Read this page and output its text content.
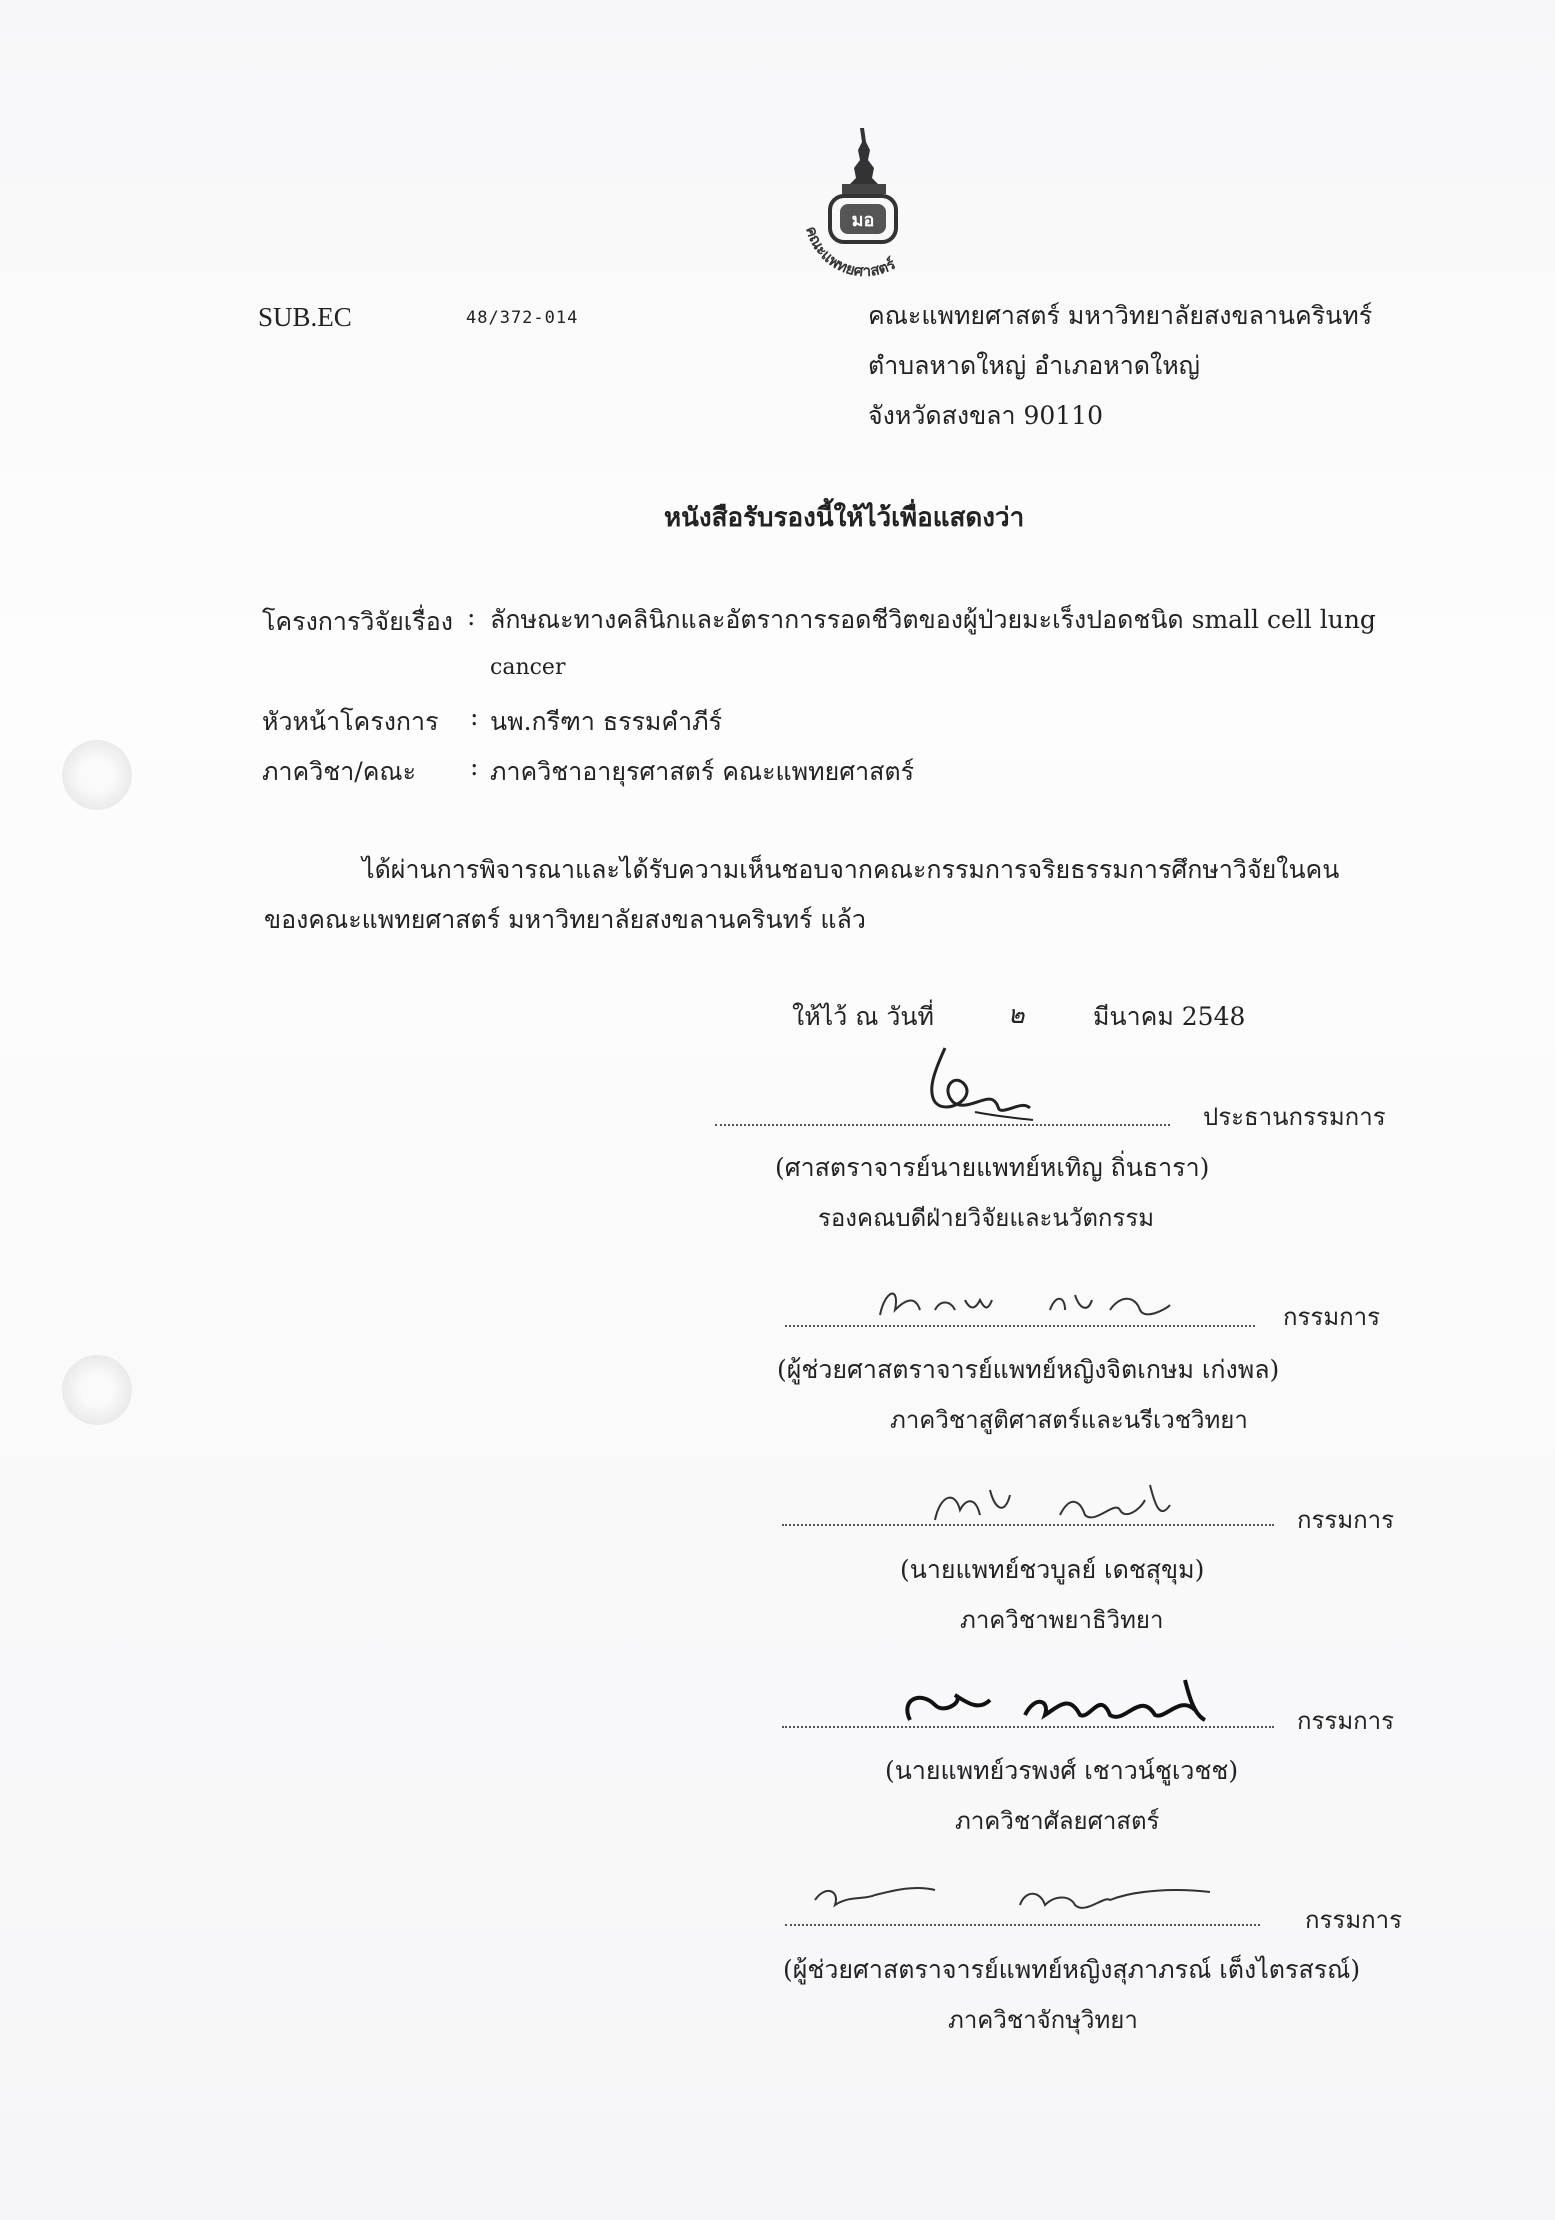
มอ
คณะแพทยศาสตร์
SUB.EC	48/372-014	คณะแพทยศาสตร์ มหาวิทยาลัยสงขลานครินทร์
ตำบลหาดใหญ่ อำเภอหาดใหญ่
จังหวัดสงขลา 90110
หนังสือรับรองนี้ให้ไว้เพื่อแสดงว่า
โครงการวิจัยเรื่อง : ลักษณะทางคลินิกและอัตราการรอดชีวิตของผู้ป่วยมะเร็งปอดชนิด small cell lung
cancer
หัวหน้าโครงการ : นพ.กรีฑา ธรรมคำภีร์
ภาควิชา/คณะ : ภาควิชาอายุรศาสตร์ คณะแพทยศาสตร์
ได้ผ่านการพิจารณาและได้รับความเห็นชอบจากคณะกรรมการจริยธรรมการศึกษาวิจัยในคน
ของคณะแพทยศาสตร์ มหาวิทยาลัยสงขลานครินทร์ แล้ว
ให้ไว้ ณ วันที่	๒	มีนาคม 2548
ประธานกรรมการ
(ศาสตราจารย์นายแพทย์หเทิญ ถิ่นธารา)
รองคณบดีฝ่ายวิจัยและนวัตกรรม
กรรมการ
(ผู้ช่วยศาสตราจารย์แพทย์หญิงจิตเกษม เก่งพล)
ภาควิชาสูติศาสตร์และนรีเวชวิทยา
กรรมการ
(นายแพทย์ชวบูลย์ เดชสุขุม)
ภาควิชาพยาธิวิทยา
กรรมการ
(นายแพทย์วรพงศ์ เชาวน์ชูเวชช)
ภาควิชาศัลยศาสตร์
กรรมการ
(ผู้ช่วยศาสตราจารย์แพทย์หญิงสุภาภรณ์ เต็งไตรสรณ์)
ภาควิชาจักษุวิทยา
